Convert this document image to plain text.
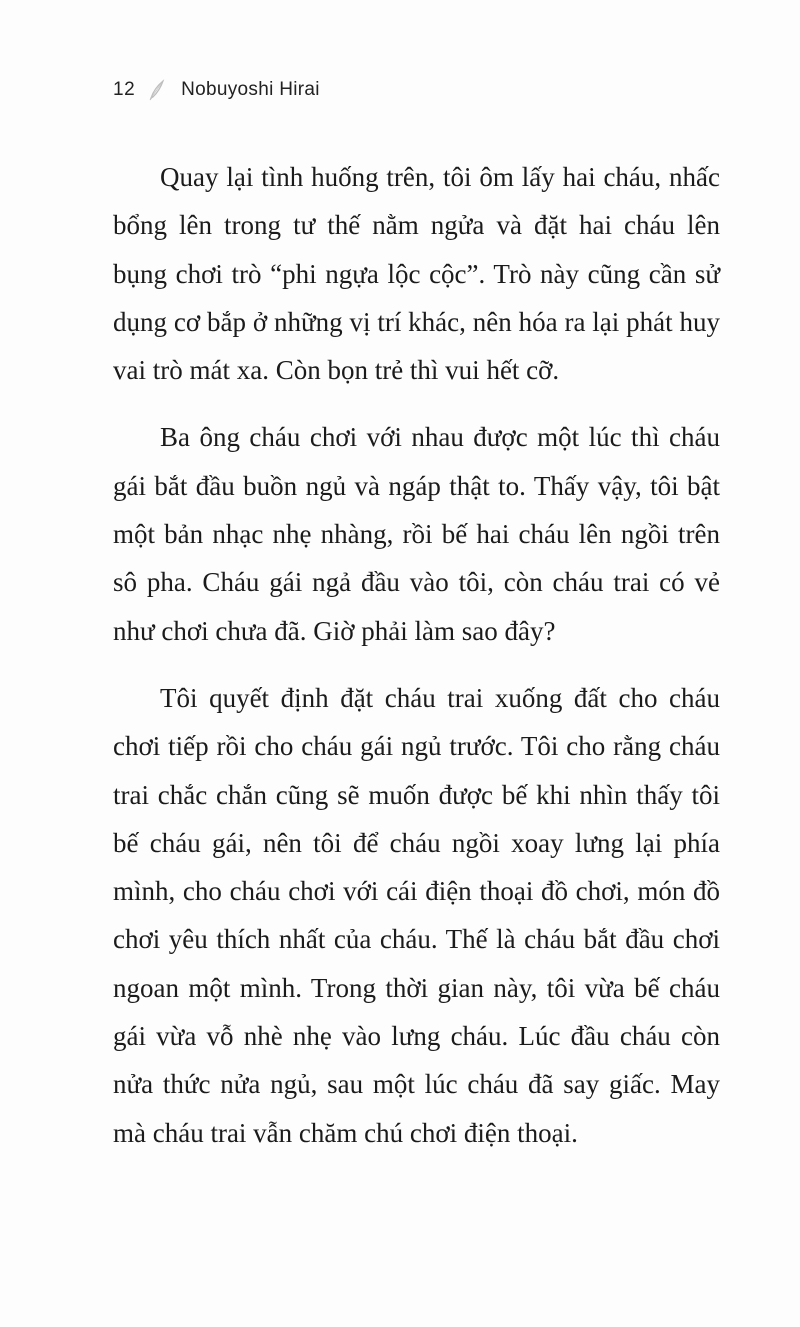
12 Nobuyoshi Hirai

Quay lại tình huống trên, tôi ôm lấy hai cháu, nhấc bổng lên trong tư thế nằm ngửa và đặt hai cháu lên bụng chơi trò “phi ngựa lộc cộc”. Trò này cũng cần sử dụng cơ bắp ở những vị trí khác, nên hóa ra lại phát huy vai trò mát xa. Còn bọn trẻ thì vui hết cỡ.

Ba ông cháu chơi với nhau được một lúc thì cháu gái bắt đầu buồn ngủ và ngáp thật to. Thấy vậy, tôi bật một bản nhạc nhẹ nhàng, rồi bế hai cháu lên ngồi trên sô pha. Cháu gái ngả đầu vào tôi, còn cháu trai có vẻ như chơi chưa đã. Giờ phải làm sao đây?

Tôi quyết định đặt cháu trai xuống đất cho cháu chơi tiếp rồi cho cháu gái ngủ trước. Tôi cho rằng cháu trai chắc chắn cũng sẽ muốn được bế khi nhìn thấy tôi bế cháu gái, nên tôi để cháu ngồi xoay lưng lại phía mình, cho cháu chơi với cái điện thoại đồ chơi, món đồ chơi yêu thích nhất của cháu. Thế là cháu bắt đầu chơi ngoan một mình. Trong thời gian này, tôi vừa bế cháu gái vừa vỗ nhè nhẹ vào lưng cháu. Lúc đầu cháu còn nửa thức nửa ngủ, sau một lúc cháu đã say giấc. May mà cháu trai vẫn chăm chú chơi điện thoại.
